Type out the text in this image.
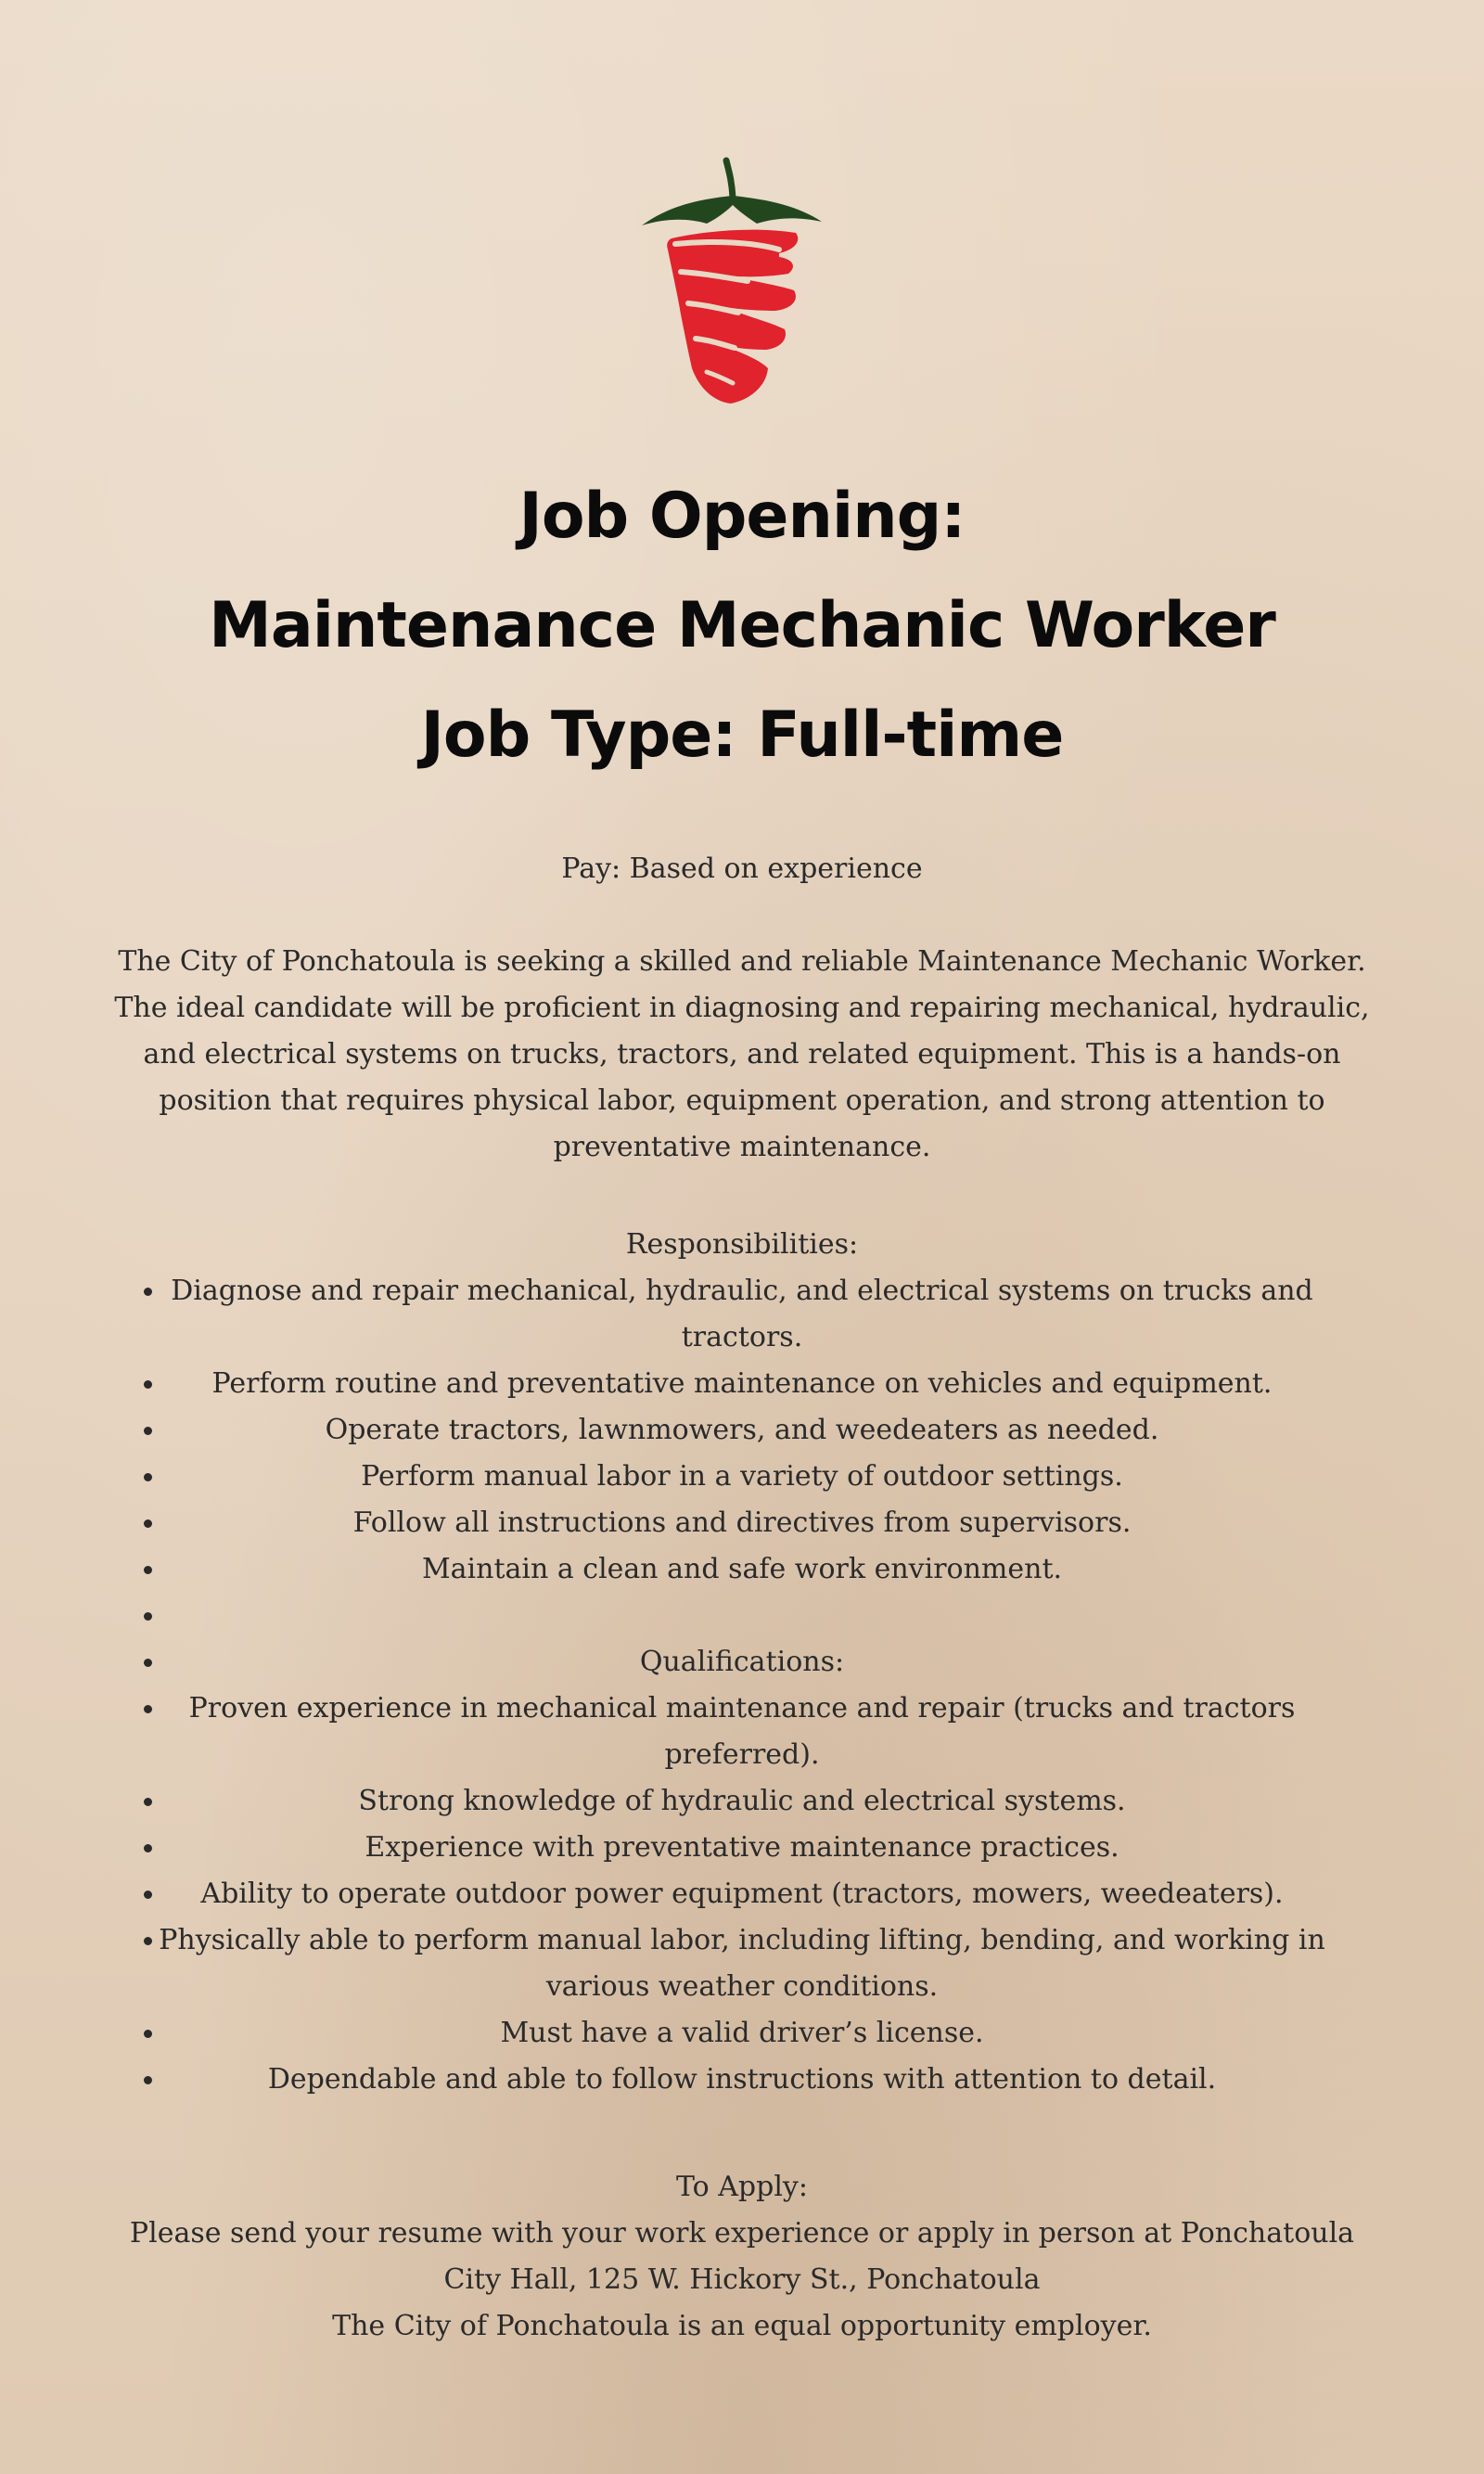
Job Opening:
Maintenance Mechanic Worker
Job Type: Full-time
Pay: Based on experience
The City of Ponchatoula is seeking a skilled and reliable Maintenance Mechanic Worker.
The ideal candidate will be proficient in diagnosing and repairing mechanical, hydraulic,
and electrical systems on trucks, tractors, and related equipment. This is a hands-on
position that requires physical labor, equipment operation, and strong attention to
preventative maintenance.
Responsibilities:
Diagnose and repair mechanical, hydraulic, and electrical systems on trucks and tractors.
Perform routine and preventative maintenance on vehicles and equipment.
Operate tractors, lawnmowers, and weedeaters as needed.
Perform manual labor in a variety of outdoor settings.
Follow all instructions and directives from supervisors.
Maintain a clean and safe work environment.
Qualifications:
Proven experience in mechanical maintenance and repair (trucks and tractors preferred).
Strong knowledge of hydraulic and electrical systems.
Experience with preventative maintenance practices.
Ability to operate outdoor power equipment (tractors, mowers, weedeaters).
Physically able to perform manual labor, including lifting, bending, and working in various weather conditions.
Must have a valid driver’s license.
Dependable and able to follow instructions with attention to detail.
To Apply:
Please send your resume with your work experience or apply in person at Ponchatoula
City Hall, 125 W. Hickory St., Ponchatoula
The City of Ponchatoula is an equal opportunity employer.
